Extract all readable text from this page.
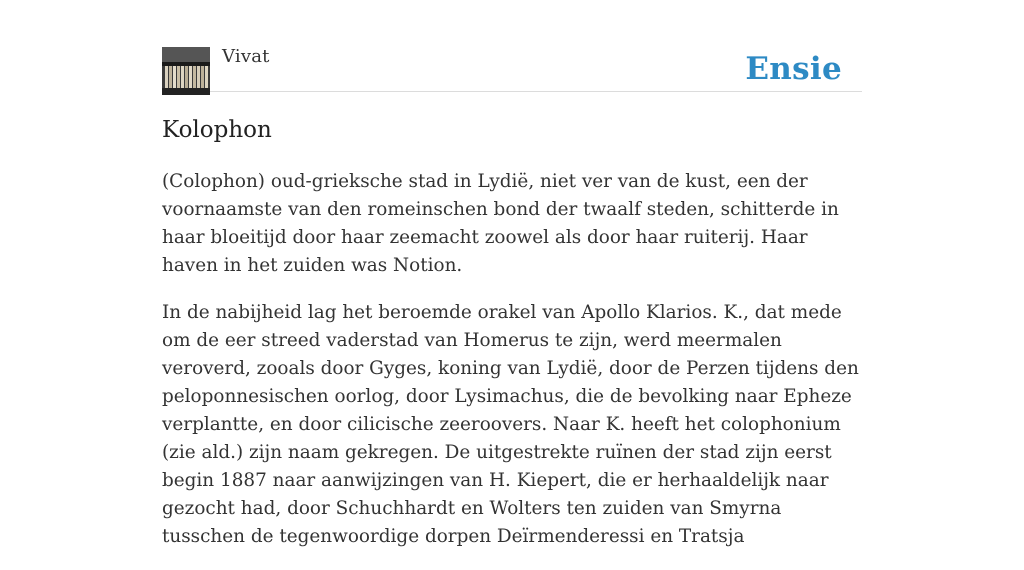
Vivat	Ensie
Kolophon

(Colophon) oud-grieksche stad in Lydië, niet ver van de kust, een der voornaamste van den romeinschen bond der twaalf steden, schitterde in haar bloeitijd door haar zeemacht zoowel als door haar ruiterij. Haar haven in het zuiden was Notion.

In de nabijheid lag het beroemde orakel van Apollo Klarios. K., dat mede om de eer streed vaderstad van Homerus te zijn, werd meermalen veroverd, zooals door Gyges, koning van Lydië, door de Perzen tijdens den peloponnesischen oorlog, door Lysimachus, die de bevolking naar Epheze verplantte, en door cilicische zeeroovers. Naar K. heeft het colophonium (zie ald.) zijn naam gekregen. De uitgestrekte ruïnen der stad zijn eerst begin 1887 naar aanwijzingen van H. Kiepert, die er herhaaldelijk naar gezocht had, door Schuchhardt en Wolters ten zuiden van Smyrna tusschen de tegenwoordige dorpen Deïrmenderessi en Tratsja
